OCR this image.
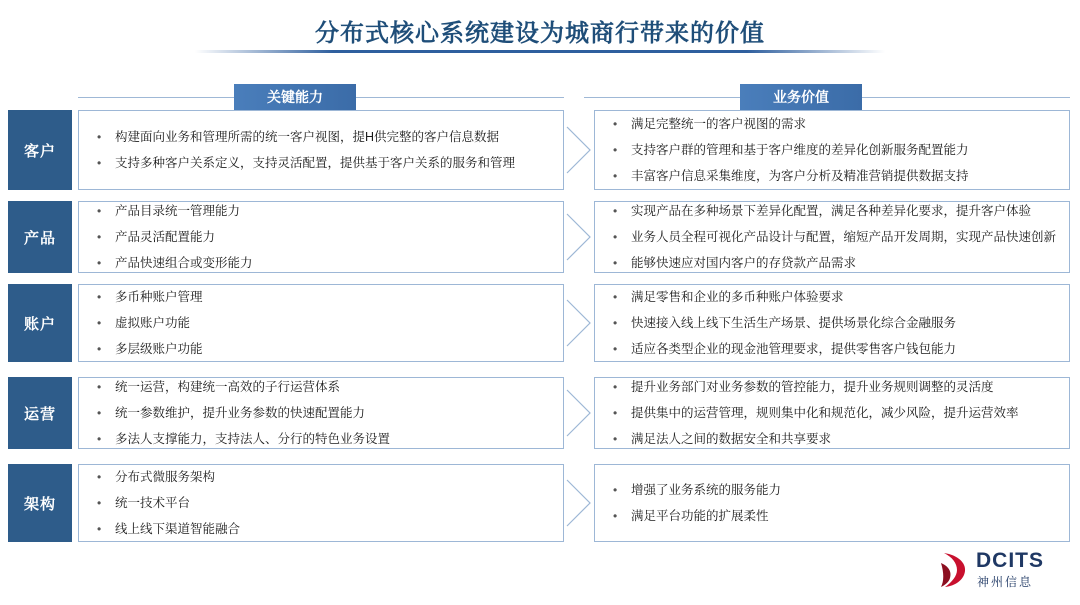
分布式核心系统建设为城商行带来的价值
关键能力	业务价值
客户
• 构建面向业务和管理所需的统一客户视图，提Н供完整的客户信息数据
• 支持多种客户关系定义，支持灵活配置，提供基于客户关系的服务和管理
• 满足完整统一的客户视图的需求
• 支持客户群的管理和基于客户维度的差异化创新服务配置能力
• 丰富客户信息采集维度，为客户分析及精准营销提供数据支持
产品
• 产品目录统一管理能力
• 产品灵活配置能力
• 产品快速组合或变形能力
• 实现产品在多种场景下差异化配置，满足各种差异化要求，提升客户体验
• 业务人员全程可视化产品设计与配置，缩短产品开发周期，实现产品快速创新
• 能够快速应对国内客户的存贷款产品需求
账户
• 多币种账户管理
• 虚拟账户功能
• 多层级账户功能
• 满足零售和企业的多币种账户体验要求
• 快速接入线上线下生活生产场景、提供场景化综合金融服务
• 适应各类型企业的现金池管理要求，提供零售客户钱包能力
运营
• 统一运营，构建统一高效的子行运营体系
• 统一参数维护，提升业务参数的快速配置能力
• 多法人支撑能力，支持法人、分行的特色业务设置
• 提升业务部门对业务参数的管控能力，提升业务规则调整的灵活度
• 提供集中的运营管理，规则集中化和规范化，减少风险，提升运营效率
• 满足法人之间的数据安全和共享要求
架构
• 分布式微服务架构
• 统一技术平台
• 线上线下渠道智能融合
• 增强了业务系统的服务能力
• 满足平台功能的扩展柔性
DCITS
神州信息
